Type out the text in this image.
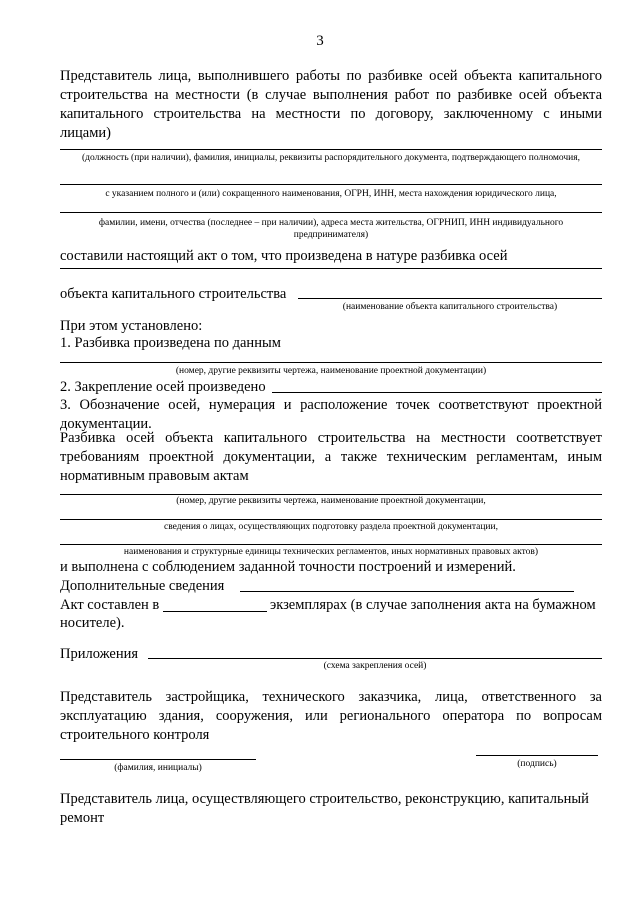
3
Представитель лица, выполнившего работы по разбивке осей объекта капитального строительства на местности (в случае выполнения работ по разбивке осей объекта капитального строительства на местности по договору, заключенному с иными лицами)
(должность (при наличии), фамилия, инициалы, реквизиты распорядительного документа, подтверждающего полномочия,
с указанием полного и (или) сокращенного наименования, ОГРН, ИНН, места нахождения юридического лица,
фамилии, имени, отчества (последнее – при наличии), адреса места жительства, ОГРНИП, ИНН индивидуального предпринимателя)
составили настоящий акт о том, что произведена в натуре разбивка осей
объекта капитального строительства
(наименование объекта капитального строительства)
При этом установлено:
1. Разбивка произведена по данным
(номер, другие реквизиты чертежа, наименование проектной документации)
2. Закрепление осей произведено
3. Обозначение осей, нумерация и расположение точек соответствуют проектной документации.
Разбивка осей объекта капитального строительства на местности соответствует требованиям проектной документации, а также техническим регламентам, иным нормативным правовым актам
(номер, другие реквизиты чертежа, наименование проектной документации,
сведения о лицах, осуществляющих подготовку раздела проектной документации,
наименования и структурные единицы технических регламентов, иных нормативных правовых актов)
и выполнена с соблюдением заданной точности построений и измерений.
Дополнительные сведения
Акт составлен в	экземплярах (в случае заполнения акта на бумажном
носителе).
Приложения
(схема закрепления осей)
Представитель застройщика, технического заказчика, лица, ответственного за эксплуатацию здания, сооружения, или регионального оператора по вопросам строительного контроля
(фамилия, инициалы)	(подпись)
Представитель лица, осуществляющего строительство, реконструкцию, капитальный ремонт
